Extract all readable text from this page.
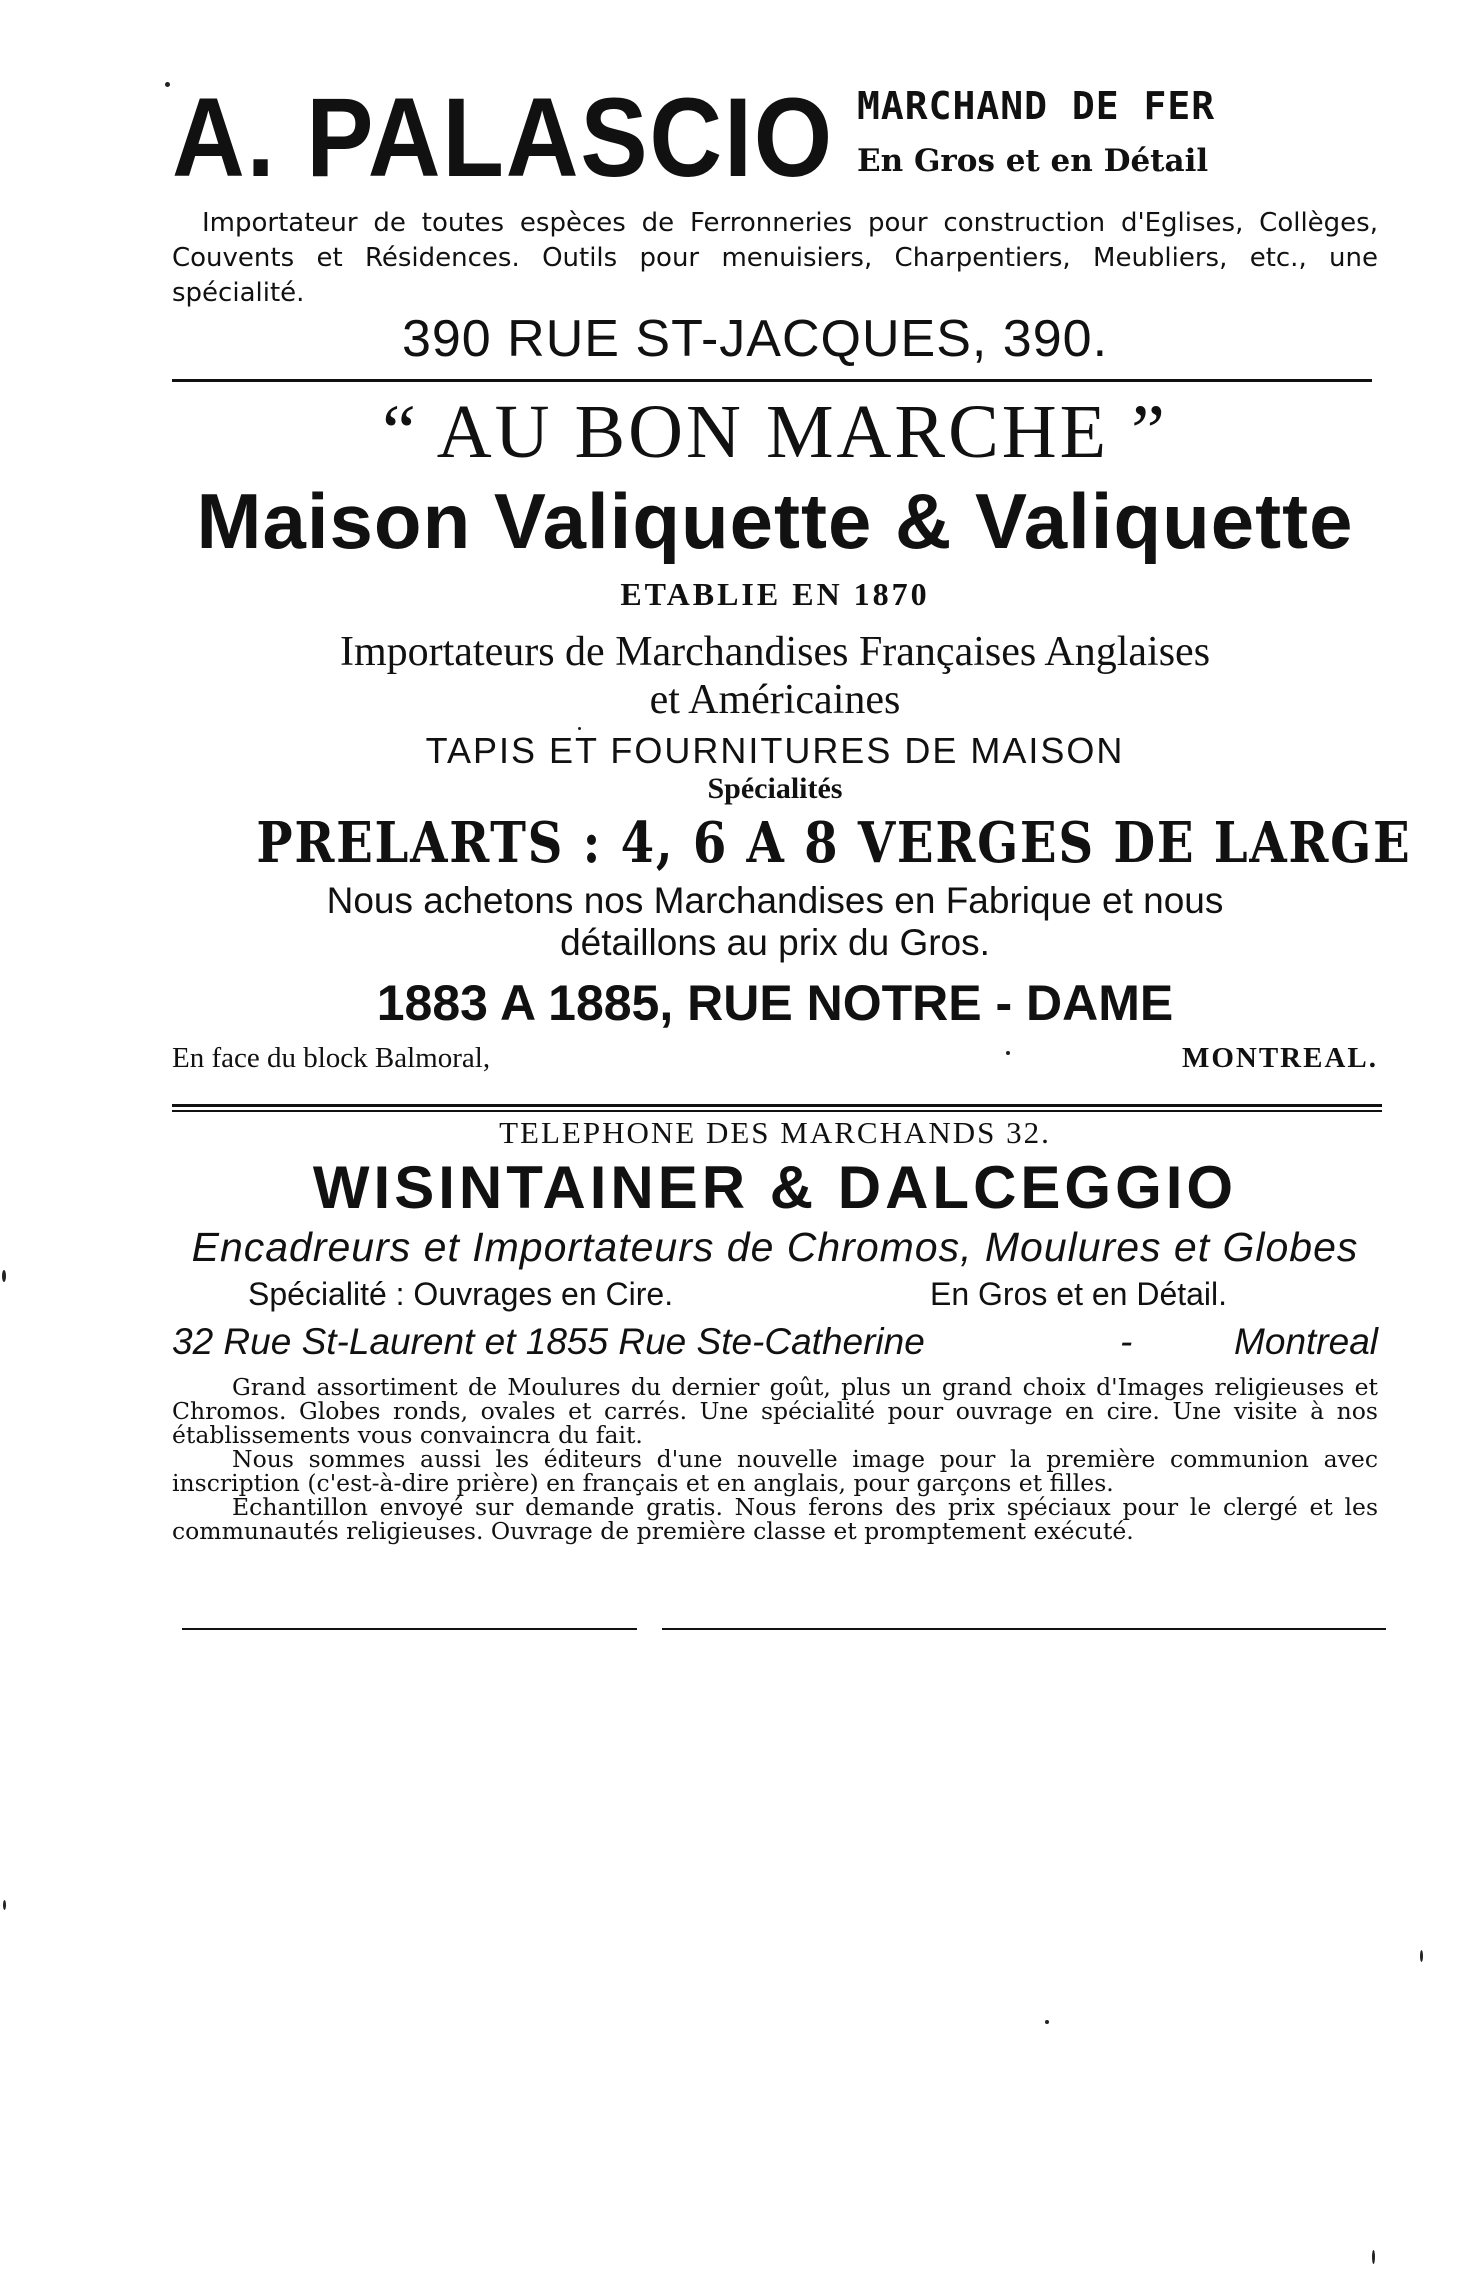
A. PALASCIO MARCHAND DE FER
En Gros et en Détail
Importateur de toutes espèces de Ferronneries pour construction d'Eglises, Collèges, Couvents et Résidences. Outils pour menuisiers, Charpentiers, Meubliers, etc., une spécialité.
390 RUE ST-JACQUES, 390.
“ AU BON MARCHE ”
Maison Valiquette & Valiquette
ETABLIE EN 1870
Importateurs de Marchandises Françaises Anglaises
et Américaines
TAPIS ET FOURNITURES DE MAISON
Spécialités
PRELARTS : 4, 6 A 8 VERGES DE LARGE
Nous achetons nos Marchandises en Fabrique et nous
détaillons au prix du Gros.
1883 A 1885, RUE NOTRE - DAME
En face du block Balmoral,	MONTREAL.
TELEPHONE DES MARCHANDS 32.
WISINTAINER & DALCEGGIO
Encadreurs et Importateurs de Chromos, Moulures et Globes
Spécialité : Ouvrages en Cire.	En Gros et en Détail.
32 Rue St-Laurent et 1855 Rue Ste-Catherine	-	Montreal

Grand assortiment de Moulures du dernier goût, plus un grand choix d'Images religieuses et Chromos. Globes ronds, ovales et carrés. Une spécialité pour ouvrage en cire. Une visite à nos établissements vous convaincra du fait.

Nous sommes aussi les éditeurs d'une nouvelle image pour la première communion avec inscription (c'est-à-dire prière) en français et en anglais, pour garçons et filles.

Echantillon envoyé sur demande gratis. Nous ferons des prix spéciaux pour le clergé et les communautés religieuses. Ouvrage de première classe et promptement exécuté.
